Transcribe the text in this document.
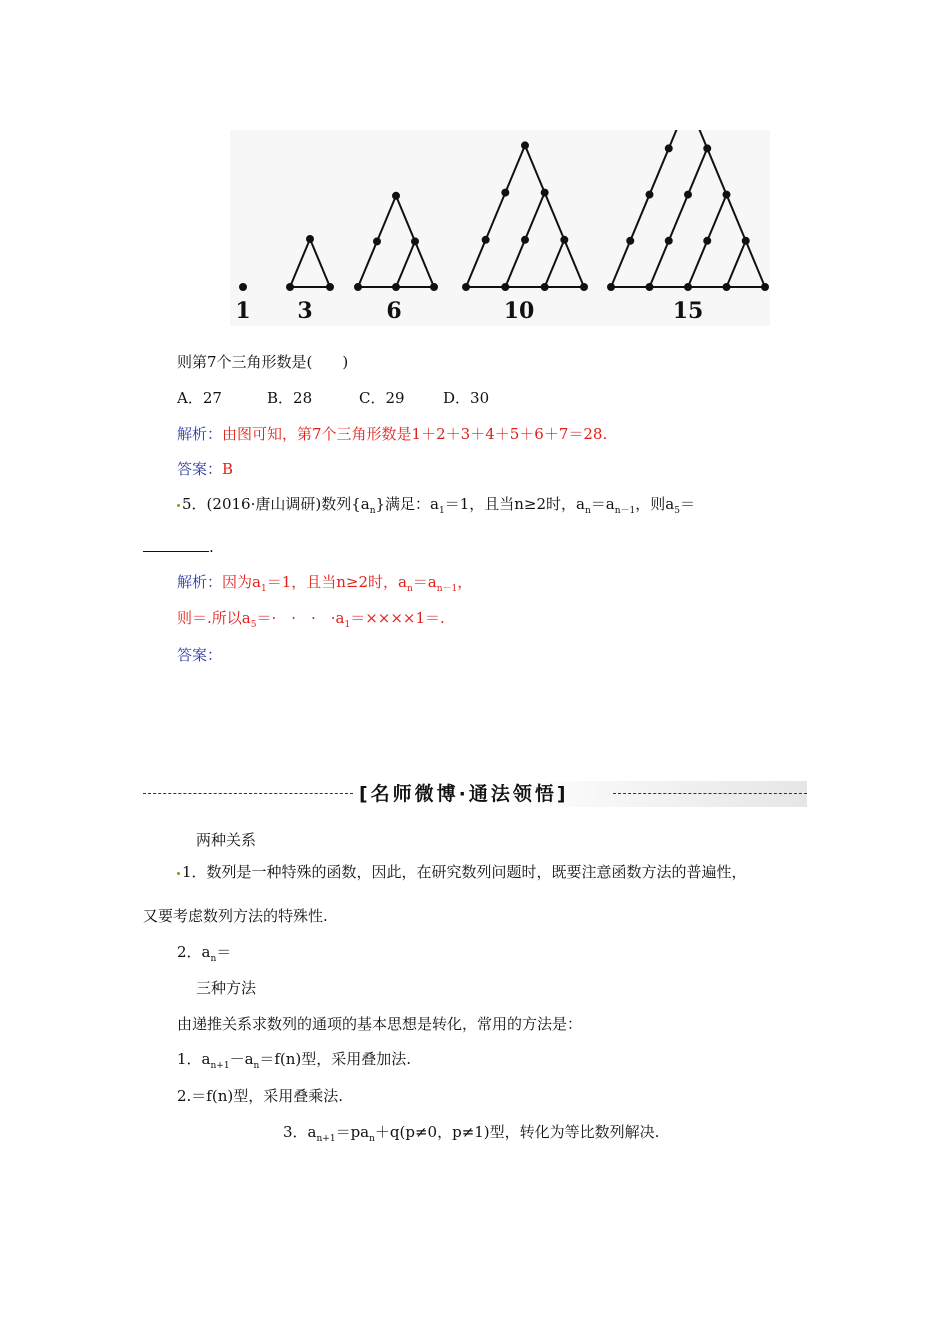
1 3	6	10	15
则第7个三角形数是(　　)
A．27	B．28	C．29	D．30
解析：由图可知，第7个三角形数是1＋2＋3＋4＋5＋6＋7＝28.
答案：B
5．(2016·唐山调研)数列$\{a_n\}$满足：$a_1=1$，且当n≥2时，$a_n=a_{n-1}$，则$a_5=$
.
解析：因为$a_1=1$，且当n≥2时，$a_n=a_{n-1}$，
则＝.所以$a_5=\cdot$　·　·　$\cdot a_1=\times\times\times\times 1=$.
答案：
[名师微博·通法领悟]
两种关系
1．数列是一种特殊的函数，因此，在研究数列问题时，既要注意函数方法的普遍性，
又要考虑数列方法的特殊性.
2．$a_n=$
三种方法
由递推关系求数列的通项的基本思想是转化，常用的方法是：
1．$a_{n+1}-a_n=f(n)$型，采用叠加法.
2.＝f(n)型，采用叠乘法.
3．$a_{n+1}=pa_n+q(p\ne 0$，p≠1)型，转化为等比数列解决.
